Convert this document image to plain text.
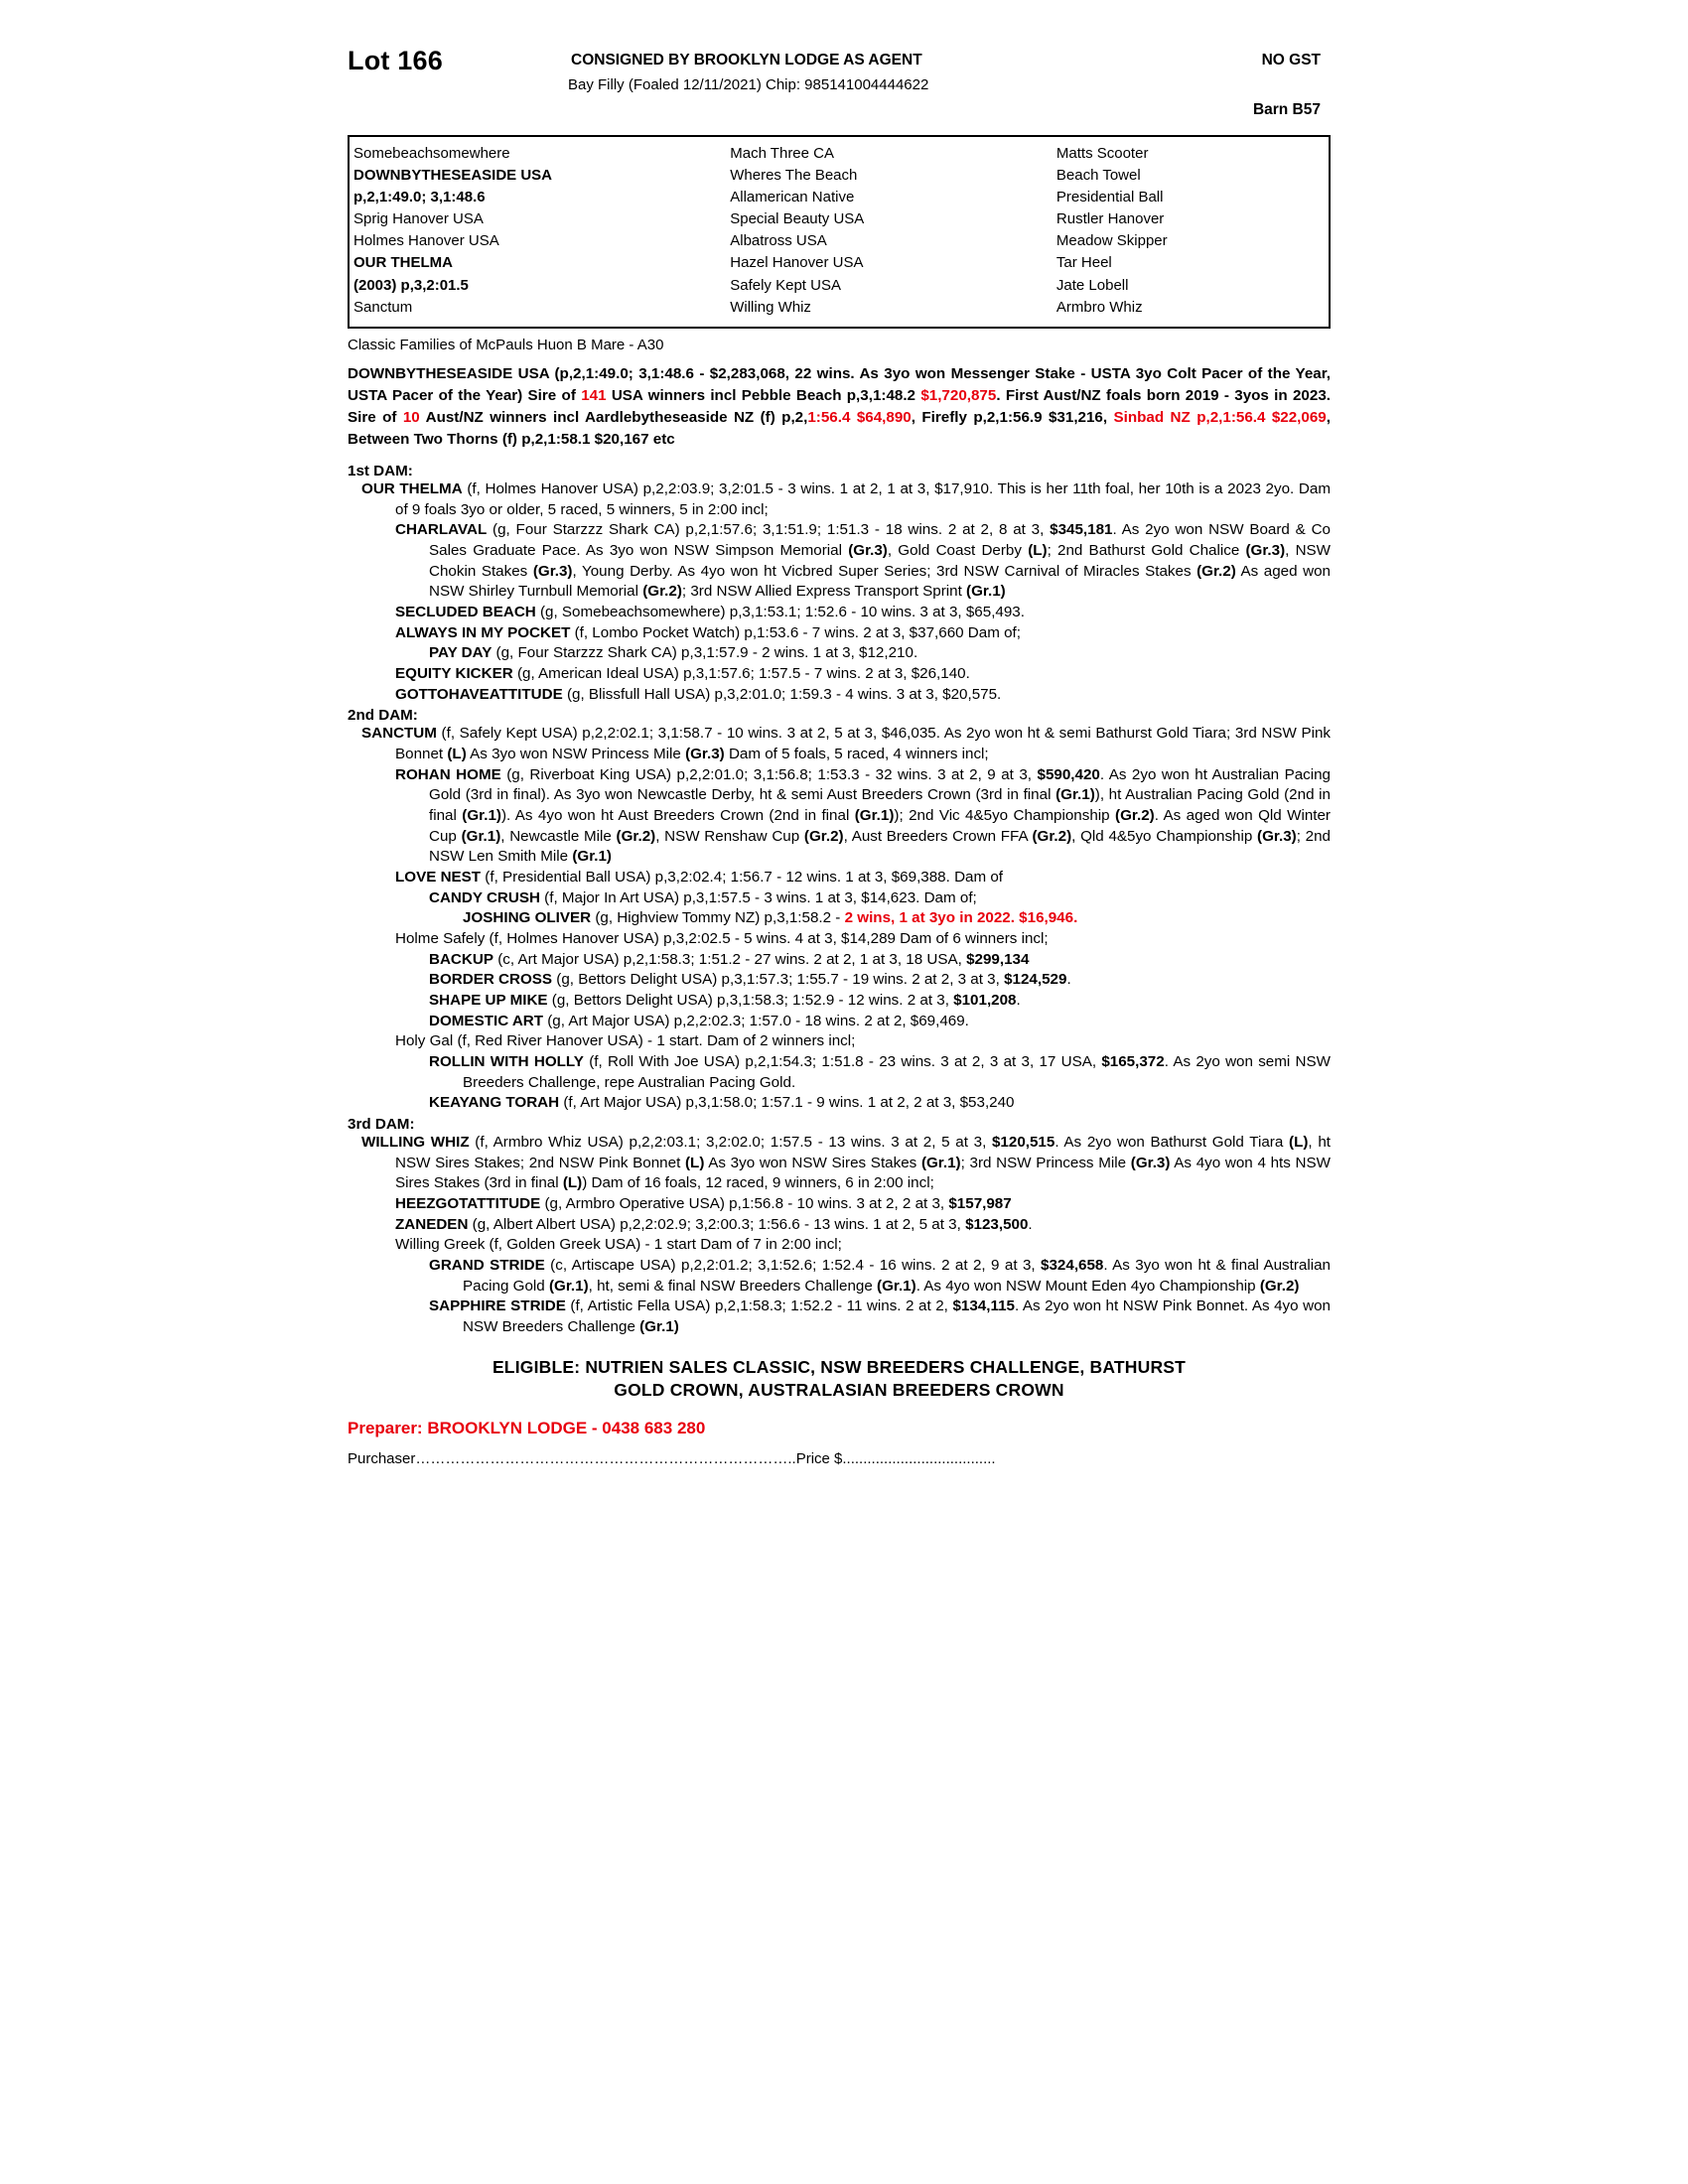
Lot 166	CONSIGNED BY BROOKLYN LODGE AS AGENT
Bay Filly (Foaled 12/11/2021) Chip: 985141004444622
NO GST
Barn B57
Somebeachsomewhere	Mach Three CA	Matts Scooter
DOWNBYTHESEASIDE USA	Wheres The Beach	Beach Towel
p,2,1:49.0; 3,1:48.6	Allamerican Native	Presidential Ball
Sprig Hanover USA	Special Beauty USA	Rustler Hanover
Holmes Hanover USA	Albatross USA	Meadow Skipper
OUR THELMA	Hazel Hanover USA	Tar Heel
(2003) p,3,2:01.5	Safely Kept USA	Jate Lobell
Sanctum	Willing Whiz	Armbro Whiz
Classic Families of McPauls Huon B Mare - A30
DOWNBYTHESEASIDE USA (p,2,1:49.0; 3,1:48.6 - $2,283,068, 22 wins. As 3yo won Messenger Stake - USTA 3yo Colt Pacer of the Year, USTA Pacer of the Year) Sire of 141 USA winners incl Pebble Beach p,3,1:48.2 $1,720,875. First Aust/NZ foals born 2019 - 3yos in 2023. Sire of 10 Aust/NZ winners incl Aardlebytheseaside NZ (f) p,2,1:56.4 $64,890, Firefly p,2,1:56.9 $31,216, Sinbad NZ p,2,1:56.4 $22,069, Between Two Thorns (f) p,2,1:58.1 $20,167 etc
1st DAM:
OUR THELMA (f, Holmes Hanover USA) p,2,2:03.9; 3,2:01.5 - 3 wins. 1 at 2, 1 at 3, $17,910. This is her 11th foal, her 10th is a 2023 2yo. Dam of 9 foals 3yo or older, 5 raced, 5 winners, 5 in 2:00 incl;
CHARLAVAL (g, Four Starzzz Shark CA) p,2,1:57.6; 3,1:51.9; 1:51.3 - 18 wins. 2 at 2, 8 at 3, $345,181. As 2yo won NSW Board & Co Sales Graduate Pace. As 3yo won NSW Simpson Memorial (Gr.3), Gold Coast Derby (L); 2nd Bathurst Gold Chalice (Gr.3), NSW Chokin Stakes (Gr.3), Young Derby. As 4yo won ht Vicbred Super Series; 3rd NSW Carnival of Miracles Stakes (Gr.2) As aged won NSW Shirley Turnbull Memorial (Gr.2); 3rd NSW Allied Express Transport Sprint (Gr.1)
SECLUDED BEACH (g, Somebeachsomewhere) p,3,1:53.1; 1:52.6 - 10 wins. 3 at 3, $65,493.
ALWAYS IN MY POCKET (f, Lombo Pocket Watch) p,1:53.6 - 7 wins. 2 at 3, $37,660 Dam of;
PAY DAY (g, Four Starzzz Shark CA) p,3,1:57.9 - 2 wins. 1 at 3, $12,210.
EQUITY KICKER (g, American Ideal USA) p,3,1:57.6; 1:57.5 - 7 wins. 2 at 3, $26,140.
GOTTOHAVEATTITUDE (g, Blissfull Hall USA) p,3,2:01.0; 1:59.3 - 4 wins. 3 at 3, $20,575.
2nd DAM:
SANCTUM (f, Safely Kept USA) p,2,2:02.1; 3,1:58.7 - 10 wins. 3 at 2, 5 at 3, $46,035. As 2yo won ht & semi Bathurst Gold Tiara; 3rd NSW Pink Bonnet (L) As 3yo won NSW Princess Mile (Gr.3) Dam of 5 foals, 5 raced, 4 winners incl;
ROHAN HOME (g, Riverboat King USA) p,2,2:01.0; 3,1:56.8; 1:53.3 - 32 wins. 3 at 2, 9 at 3, $590,420. As 2yo won ht Australian Pacing Gold (3rd in final). As 3yo won Newcastle Derby, ht & semi Aust Breeders Crown (3rd in final (Gr.1)), ht Australian Pacing Gold (2nd in final (Gr.1)). As 4yo won ht Aust Breeders Crown (2nd in final (Gr.1)); 2nd Vic 4&5yo Championship (Gr.2). As aged won Qld Winter Cup (Gr.1), Newcastle Mile (Gr.2), NSW Renshaw Cup (Gr.2), Aust Breeders Crown FFA (Gr.2), Qld 4&5yo Championship (Gr.3); 2nd NSW Len Smith Mile (Gr.1)
LOVE NEST (f, Presidential Ball USA) p,3,2:02.4; 1:56.7 - 12 wins. 1 at 3, $69,388. Dam of
CANDY CRUSH (f, Major In Art USA) p,3,1:57.5 - 3 wins. 1 at 3, $14,623. Dam of;
JOSHING OLIVER (g, Highview Tommy NZ) p,3,1:58.2 - 2 wins, 1 at 3yo in 2022. $16,946.
Holme Safely (f, Holmes Hanover USA) p,3,2:02.5 - 5 wins. 4 at 3, $14,289 Dam of 6 winners incl;
BACKUP (c, Art Major USA) p,2,1:58.3; 1:51.2 - 27 wins. 2 at 2, 1 at 3, 18 USA, $299,134
BORDER CROSS (g, Bettors Delight USA) p,3,1:57.3; 1:55.7 - 19 wins. 2 at 2, 3 at 3, $124,529.
SHAPE UP MIKE (g, Bettors Delight USA) p,3,1:58.3; 1:52.9 - 12 wins. 2 at 3, $101,208.
DOMESTIC ART (g, Art Major USA) p,2,2:02.3; 1:57.0 - 18 wins. 2 at 2, $69,469.
Holy Gal (f, Red River Hanover USA) - 1 start. Dam of 2 winners incl;
ROLLIN WITH HOLLY (f, Roll With Joe USA) p,2,1:54.3; 1:51.8 - 23 wins. 3 at 2, 3 at 3, 17 USA, $165,372. As 2yo won semi NSW Breeders Challenge, repe Australian Pacing Gold.
KEAYANG TORAH (f, Art Major USA) p,3,1:58.0; 1:57.1 - 9 wins. 1 at 2, 2 at 3, $53,240
3rd DAM:
WILLING WHIZ (f, Armbro Whiz USA) p,2,2:03.1; 3,2:02.0; 1:57.5 - 13 wins. 3 at 2, 5 at 3, $120,515. As 2yo won Bathurst Gold Tiara (L), ht NSW Sires Stakes; 2nd NSW Pink Bonnet (L) As 3yo won NSW Sires Stakes (Gr.1); 3rd NSW Princess Mile (Gr.3) As 4yo won 4 hts NSW Sires Stakes (3rd in final (L)) Dam of 16 foals, 12 raced, 9 winners, 6 in 2:00 incl;
HEEZGOTATTITUDE (g, Armbro Operative USA) p,1:56.8 - 10 wins. 3 at 2, 2 at 3, $157,987
ZANEDEN (g, Albert Albert USA) p,2,2:02.9; 3,2:00.3; 1:56.6 - 13 wins. 1 at 2, 5 at 3, $123,500.
Willing Greek (f, Golden Greek USA) - 1 start Dam of 7 in 2:00 incl;
GRAND STRIDE (c, Artiscape USA) p,2,2:01.2; 3,1:52.6; 1:52.4 - 16 wins. 2 at 2, 9 at 3, $324,658. As 3yo won ht & final Australian Pacing Gold (Gr.1), ht, semi & final NSW Breeders Challenge (Gr.1). As 4yo won NSW Mount Eden 4yo Championship (Gr.2)
SAPPHIRE STRIDE (f, Artistic Fella USA) p,2,1:58.3; 1:52.2 - 11 wins. 2 at 2, $134,115. As 2yo won ht NSW Pink Bonnet. As 4yo won NSW Breeders Challenge (Gr.1)
ELIGIBLE: NUTRIEN SALES CLASSIC, NSW BREEDERS CHALLENGE, BATHURST
GOLD CROWN, AUSTRALASIAN BREEDERS CROWN
Preparer: BROOKLYN LODGE - 0438 683 280
Purchaser…………………………………………………………………..Price $.....................................
